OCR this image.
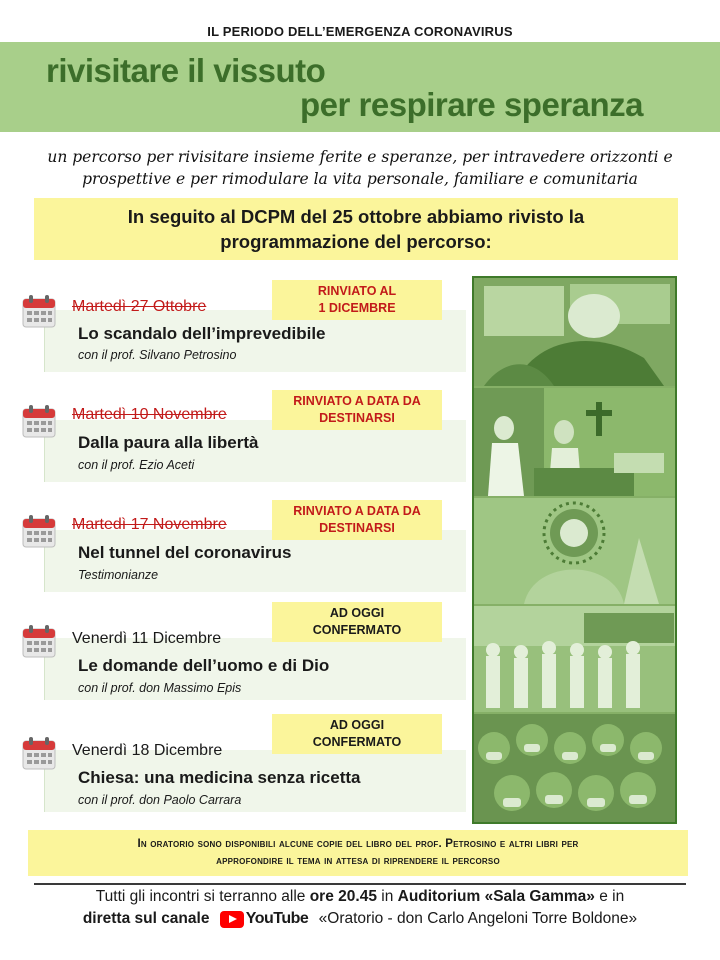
IL PERIODO DELL’EMERGENZA CORONAVIRUS
rivisitare il vissuto
per respirare speranza
un percorso per rivisitare insieme ferite e speranze, per intravedere orizzonti e
prospettive e per rimodulare la vita personale, familiare e comunitaria
In seguito al DCPM del 25 ottobre abbiamo rivisto la
programmazione del percorso:
Martedì 27 Ottobre
RINVIATO AL
1 DICEMBRE
Lo scandalo dell’imprevedibile
con il prof. Silvano Petrosino
Martedì 10 Novembre
RINVIATO A DATA DA
DESTINARSI
Dalla paura alla libertà
con il prof. Ezio Aceti
Martedì 17 Novembre
RINVIATO A DATA DA
DESTINARSI
Nel tunnel del coronavirus
Testimonianze
Venerdì 11 Dicembre
AD OGGI
CONFERMATO
Le domande dell’uomo e di Dio
con il prof. don Massimo Epis
Venerdì 18 Dicembre
AD OGGI
CONFERMATO
Chiesa: una medicina senza ricetta
con il prof. don Paolo Carrara
In oratorio sono disponibili alcune copie del libro del prof. Petrosino e altri libri per
approfondire il tema in attesa di riprendere il percorso
Tutti gli incontri si terranno alle ore 20.45 in Auditorium «Sala Gamma» e in
diretta sul canale YouTube «Oratorio - don Carlo Angeloni Torre Boldone»
